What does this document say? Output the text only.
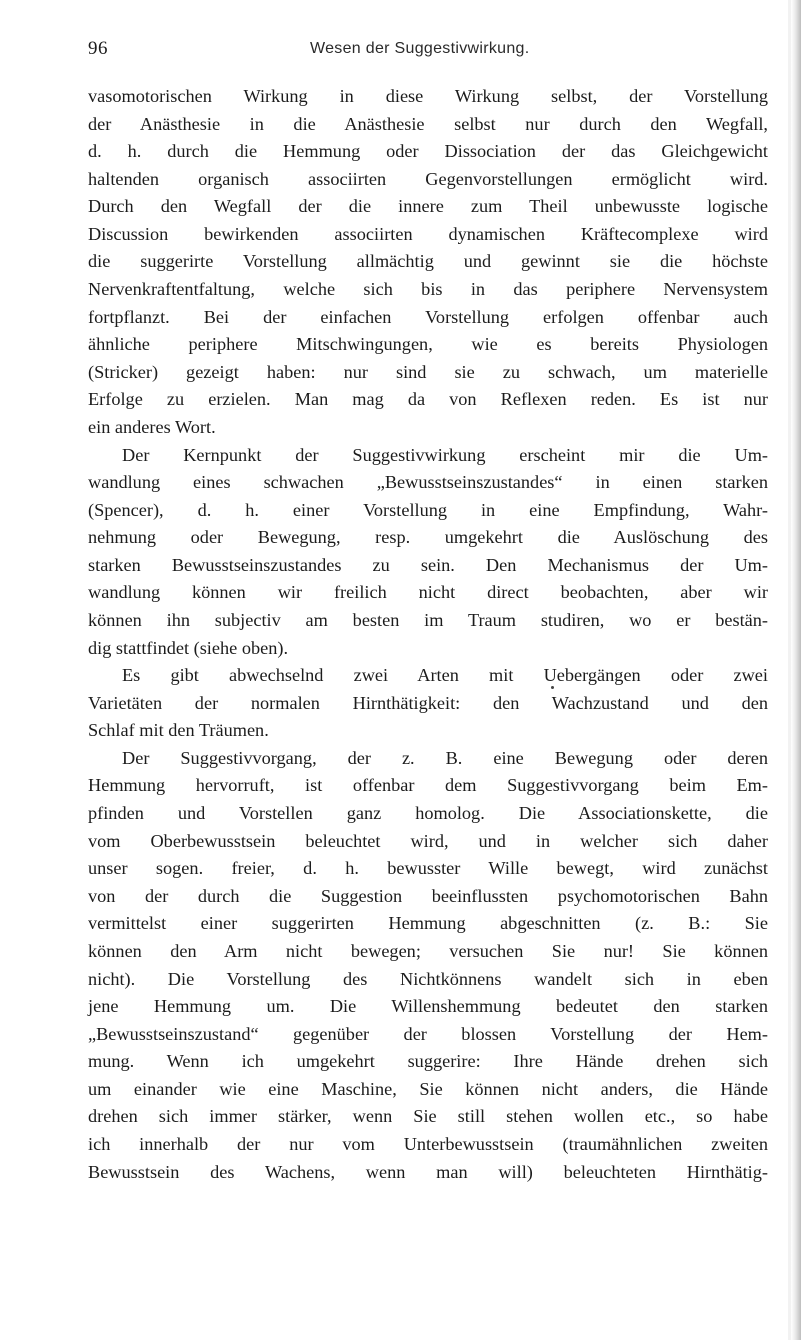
96	Wesen der Suggestivwirkung.
vasomotorischen Wirkung in diese Wirkung selbst, der Vorstellung
der Anästhesie in die Anästhesie selbst nur durch den Wegfall,
d. h. durch die Hemmung oder Dissociation der das Gleichgewicht
haltenden organisch associirten Gegenvorstellungen ermöglicht wird.
Durch den Wegfall der die innere zum Theil unbewusste logische
Discussion bewirkenden associirten dynamischen Kräftecomplexe wird
die suggerirte Vorstellung allmächtig und gewinnt sie die höchste
Nervenkraftentfaltung, welche sich bis in das periphere Nervensystem
fortpflanzt. Bei der einfachen Vorstellung erfolgen offenbar auch
ähnliche periphere Mitschwingungen, wie es bereits Physiologen
(Stricker) gezeigt haben: nur sind sie zu schwach, um materielle
Erfolge zu erzielen. Man mag da von Reflexen reden. Es ist nur
ein anderes Wort.
Der Kernpunkt der Suggestivwirkung erscheint mir die Um-
wandlung eines schwachen „Bewusstseinszustandes“ in einen starken
(Spencer), d. h. einer Vorstellung in eine Empfindung, Wahr-
nehmung oder Bewegung, resp. umgekehrt die Auslöschung des
starken Bewusstseinszustandes zu sein. Den Mechanismus der Um-
wandlung können wir freilich nicht direct beobachten, aber wir
können ihn subjectiv am besten im Traum studiren, wo er bestän-
dig stattfindet (siehe oben).
Es gibt abwechselnd zwei Arten mit Uebergängen oder zwei
Varietäten der normalen Hirnthätigkeit: den Wachzustand und den
Schlaf mit den Träumen.
Der Suggestivvorgang, der z. B. eine Bewegung oder deren
Hemmung hervorruft, ist offenbar dem Suggestivvorgang beim Em-
pfinden und Vorstellen ganz homolog. Die Associationskette, die
vom Oberbewusstsein beleuchtet wird, und in welcher sich daher
unser sogen. freier, d. h. bewusster Wille bewegt, wird zunächst
von der durch die Suggestion beeinflussten psychomotorischen Bahn
vermittelst einer suggerirten Hemmung abgeschnitten (z. B.: Sie
können den Arm nicht bewegen; versuchen Sie nur! Sie können
nicht). Die Vorstellung des Nichtkönnens wandelt sich in eben
jene Hemmung um. Die Willenshemmung bedeutet den starken
„Bewusstseinszustand“ gegenüber der blossen Vorstellung der Hem-
mung. Wenn ich umgekehrt suggerire: Ihre Hände drehen sich
um einander wie eine Maschine, Sie können nicht anders, die Hände
drehen sich immer stärker, wenn Sie still stehen wollen etc., so habe
ich innerhalb der nur vom Unterbewusstsein (traumähnlichen zweiten
Bewusstsein des Wachens, wenn man will) beleuchteten Hirnthätig-
